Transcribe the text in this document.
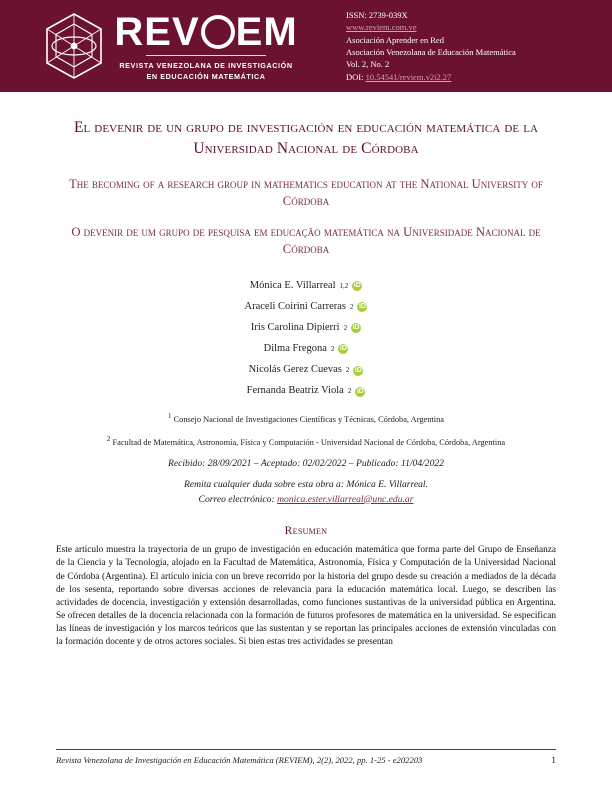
R E V E M
REVISTA VENEZOLANA DE INVESTIGACIÓN
EN EDUCACIÓN MATEMÁTICA
ISSN: 2739-039X
www.reviem.com.ve
Asociación Aprender en Red
Asociación Venezolana de Educación Matemática
Vol. 2, No. 2
DOI: 10.54541/reviem.v2i2.27
El devenir de un grupo de investigación en educación matemática de la Universidad Nacional de Córdoba
The becoming of a research group in mathematics education at the National University of Córdoba
O devenir de um grupo de pesquisa em educação matemática na Universidade Nacional de Córdoba
Mónica E. Villarreal 1,2
iD
Araceli Coirini Carreras 2
iD
Iris Carolina Dipierri 2
iD
Dilma Fregona 2
iD
Nicolás Gerez Cuevas 2
iD
Fernanda Beatriz Viola 2
iD
$^1$ Consejo Nacional de Investigaciones Científicas y Técnicas, Córdoba, Argentina
$^2$ Facultad de Matemática, Astronomía, Física y Computación - Universidad Nacional de Córdoba, Córdoba, Argentina
Recibido: 28/09/2021 – Aceptado: 02/02/2022 – Publicado: 11/04/2022
Remita cualquier duda sobre esta obra a: Mónica E. Villarreal.
Correo electrónico: monica.ester.villarreal@unc.edu.ar
Resumen
Este artículo muestra la trayectoria de un grupo de investigación en educación matemática que forma parte del Grupo de Enseñanza de la Ciencia y la Tecnología, alojado en la Facultad de Matemática, Astronomía, Física y Computación de la Universidad Nacional de Córdoba (Argentina). El artículo inicia con un breve recorrido por la historia del grupo desde su creación a mediados de la década de los sesenta, reportando sobre diversas acciones de relevancia para la educación matemática local. Luego, se describen las actividades de docencia, investigación y extensión desarrolladas, como funciones sustantivas de la universidad pública en Argentina. Se ofrecen detalles de la docencia relacionada con la formación de futuros profesores de matemática en la universidad. Se especifican las líneas de investigación y los marcos teóricos que las sustentan y se reportan las principales acciones de extensión vinculadas con la formación docente y de otros actores sociales. Si bien estas tres actividades se presentan
Revista Venezolana de Investigación en Educación Matemática (REVIEM), 2(2), 2022, pp. 1-25 - e202203	1
